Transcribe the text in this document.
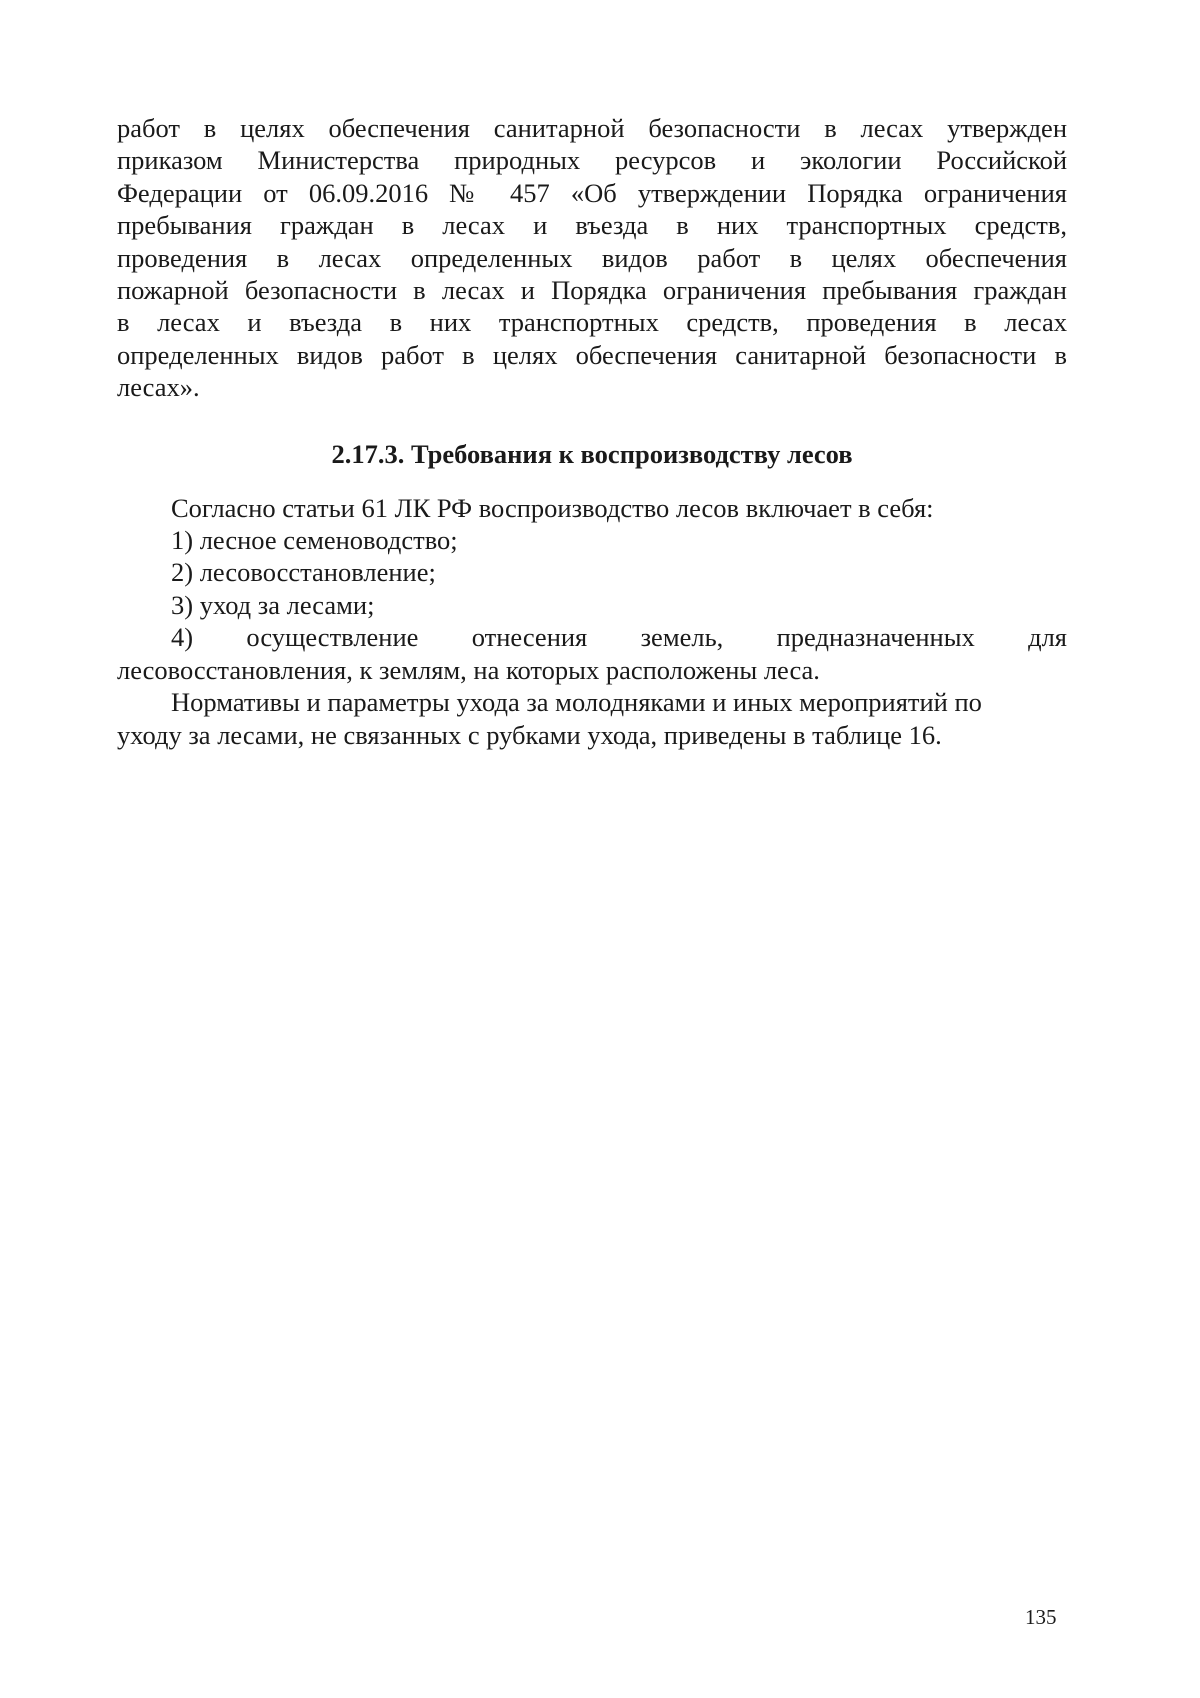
работ в целях обеспечения санитарной безопасности в лесах утвержден
приказом Министерства природных ресурсов и экологии Российской
Федерации от 06.09.2016 № 457 «Об утверждении Порядка ограничения
пребывания граждан в лесах и въезда в них транспортных средств,
проведения в лесах определенных видов работ в целях обеспечения
пожарной безопасности в лесах и Порядка ограничения пребывания граждан
в лесах и въезда в них транспортных средств, проведения в лесах
определенных видов работ в целях обеспечения санитарной безопасности в
лесах».
2.17.3. Требования к воспроизводству лесов
Согласно статьи 61 ЛК РФ воспроизводство лесов включает в себя:
1) лесное семеноводство;
2) лесовосстановление;
3) уход за лесами;
4) осуществление отнесения земель, предназначенных для
лесовосстановления, к землям, на которых расположены леса.
Нормативы и параметры ухода за молодняками и иных мероприятий по
уходу за лесами, не связанных с рубками ухода, приведены в таблице 16.
135
